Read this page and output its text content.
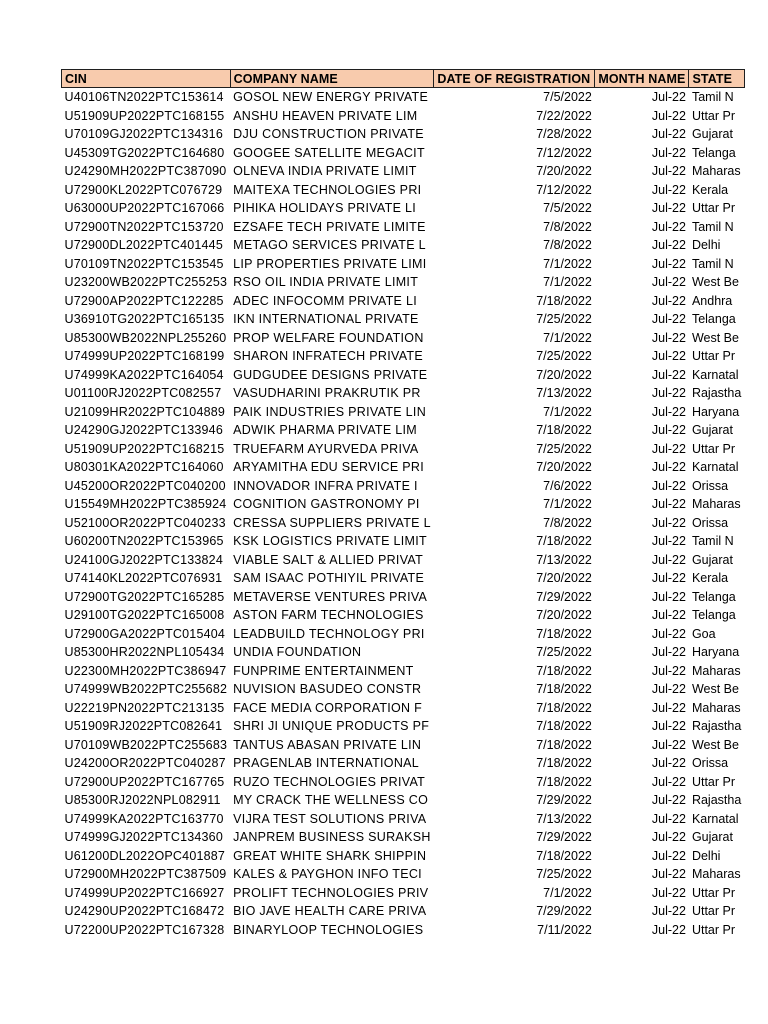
CIN	COMPANY NAME	DATE OF REGISTRATION	MONTH NAME	STATE
U40106TN2022PTC153614	GOSOL NEW ENERGY PRIVATE	7/5/2022	Jul-22	Tamil N
U51909UP2022PTC168155	ANSHU HEAVEN PRIVATE LIM	7/22/2022	Jul-22	Uttar Pr
U70109GJ2022PTC134316	DJU CONSTRUCTION PRIVATE	7/28/2022	Jul-22	Gujarat
U45309TG2022PTC164680	GOOGEE SATELLITE MEGACIT	7/12/2022	Jul-22	Telanga
U24290MH2022PTC387090	OLNEVA INDIA PRIVATE LIMIT	7/20/2022	Jul-22	Maharas
U72900KL2022PTC076729	MAITEXA TECHNOLOGIES PRI	7/12/2022	Jul-22	Kerala
U63000UP2022PTC167066	PIHIKA HOLIDAYS PRIVATE LI	7/5/2022	Jul-22	Uttar Pr
U72900TN2022PTC153720	EZSAFE TECH PRIVATE LIMITE	7/8/2022	Jul-22	Tamil N
U72900DL2022PTC401445	METAGO SERVICES PRIVATE L	7/8/2022	Jul-22	Delhi
U70109TN2022PTC153545	LIP PROPERTIES PRIVATE LIMI	7/1/2022	Jul-22	Tamil N
U23200WB2022PTC255253	RSO OIL INDIA PRIVATE LIMIT	7/1/2022	Jul-22	West Be
U72900AP2022PTC122285	ADEC INFOCOMM PRIVATE LI	7/18/2022	Jul-22	Andhra
U36910TG2022PTC165135	IKN INTERNATIONAL PRIVATE	7/25/2022	Jul-22	Telanga
U85300WB2022NPL255260	PROP WELFARE FOUNDATION	7/1/2022	Jul-22	West Be
U74999UP2022PTC168199	SHARON INFRATECH PRIVATE	7/25/2022	Jul-22	Uttar Pr
U74999KA2022PTC164054	GUDGUDEE DESIGNS PRIVATE	7/20/2022	Jul-22	Karnatal
U01100RJ2022PTC082557	VASUDHARINI PRAKRUTIK PR	7/13/2022	Jul-22	Rajastha
U21099HR2022PTC104889	PAIK INDUSTRIES PRIVATE LIN	7/1/2022	Jul-22	Haryana
U24290GJ2022PTC133946	ADWIK PHARMA PRIVATE LIM	7/18/2022	Jul-22	Gujarat
U51909UP2022PTC168215	TRUEFARM AYURVEDA PRIVA	7/25/2022	Jul-22	Uttar Pr
U80301KA2022PTC164060	ARYAMITHA EDU SERVICE PRI	7/20/2022	Jul-22	Karnatal
U45200OR2022PTC040200	INNOVADOR INFRA PRIVATE I	7/6/2022	Jul-22	Orissa
U15549MH2022PTC385924	COGNITION GASTRONOMY PI	7/1/2022	Jul-22	Maharas
U52100OR2022PTC040233	CRESSA SUPPLIERS PRIVATE L	7/8/2022	Jul-22	Orissa
U60200TN2022PTC153965	KSK LOGISTICS PRIVATE LIMIT	7/18/2022	Jul-22	Tamil N
U24100GJ2022PTC133824	VIABLE SALT & ALLIED PRIVAT	7/13/2022	Jul-22	Gujarat
U74140KL2022PTC076931	SAM ISAAC POTHIYIL PRIVATE	7/20/2022	Jul-22	Kerala
U72900TG2022PTC165285	METAVERSE VENTURES PRIVA	7/29/2022	Jul-22	Telanga
U29100TG2022PTC165008	ASTON FARM TECHNOLOGIES	7/20/2022	Jul-22	Telanga
U72900GA2022PTC015404	LEADBUILD TECHNOLOGY PRI	7/18/2022	Jul-22	Goa
U85300HR2022NPL105434	UNDIA FOUNDATION	7/25/2022	Jul-22	Haryana
U22300MH2022PTC386947	FUNPRIME ENTERTAINMENT	7/18/2022	Jul-22	Maharas
U74999WB2022PTC255682	NUVISION BASUDEO CONSTR	7/18/2022	Jul-22	West Be
U22219PN2022PTC213135	FACE MEDIA CORPORATION F	7/18/2022	Jul-22	Maharas
U51909RJ2022PTC082641	SHRI JI UNIQUE PRODUCTS PF	7/18/2022	Jul-22	Rajastha
U70109WB2022PTC255683	TANTUS ABASAN PRIVATE LIN	7/18/2022	Jul-22	West Be
U24200OR2022PTC040287	PRAGENLAB INTERNATIONAL	7/18/2022	Jul-22	Orissa
U72900UP2022PTC167765	RUZO TECHNOLOGIES PRIVAT	7/18/2022	Jul-22	Uttar Pr
U85300RJ2022NPL082911	MY CRACK THE WELLNESS CO	7/29/2022	Jul-22	Rajastha
U74999KA2022PTC163770	VIJRA TEST SOLUTIONS PRIVA	7/13/2022	Jul-22	Karnatal
U74999GJ2022PTC134360	JANPREM BUSINESS SURAKSH	7/29/2022	Jul-22	Gujarat
U61200DL2022OPC401887	GREAT WHITE SHARK SHIPPIN	7/18/2022	Jul-22	Delhi
U72900MH2022PTC387509	KALES & PAYGHON INFO TECI	7/25/2022	Jul-22	Maharas
U74999UP2022PTC166927	PROLIFT TECHNOLOGIES PRIV	7/1/2022	Jul-22	Uttar Pr
U24290UP2022PTC168472	BIO JAVE HEALTH CARE PRIVA	7/29/2022	Jul-22	Uttar Pr
U72200UP2022PTC167328	BINARYLOOP TECHNOLOGIES	7/11/2022	Jul-22	Uttar Pr
